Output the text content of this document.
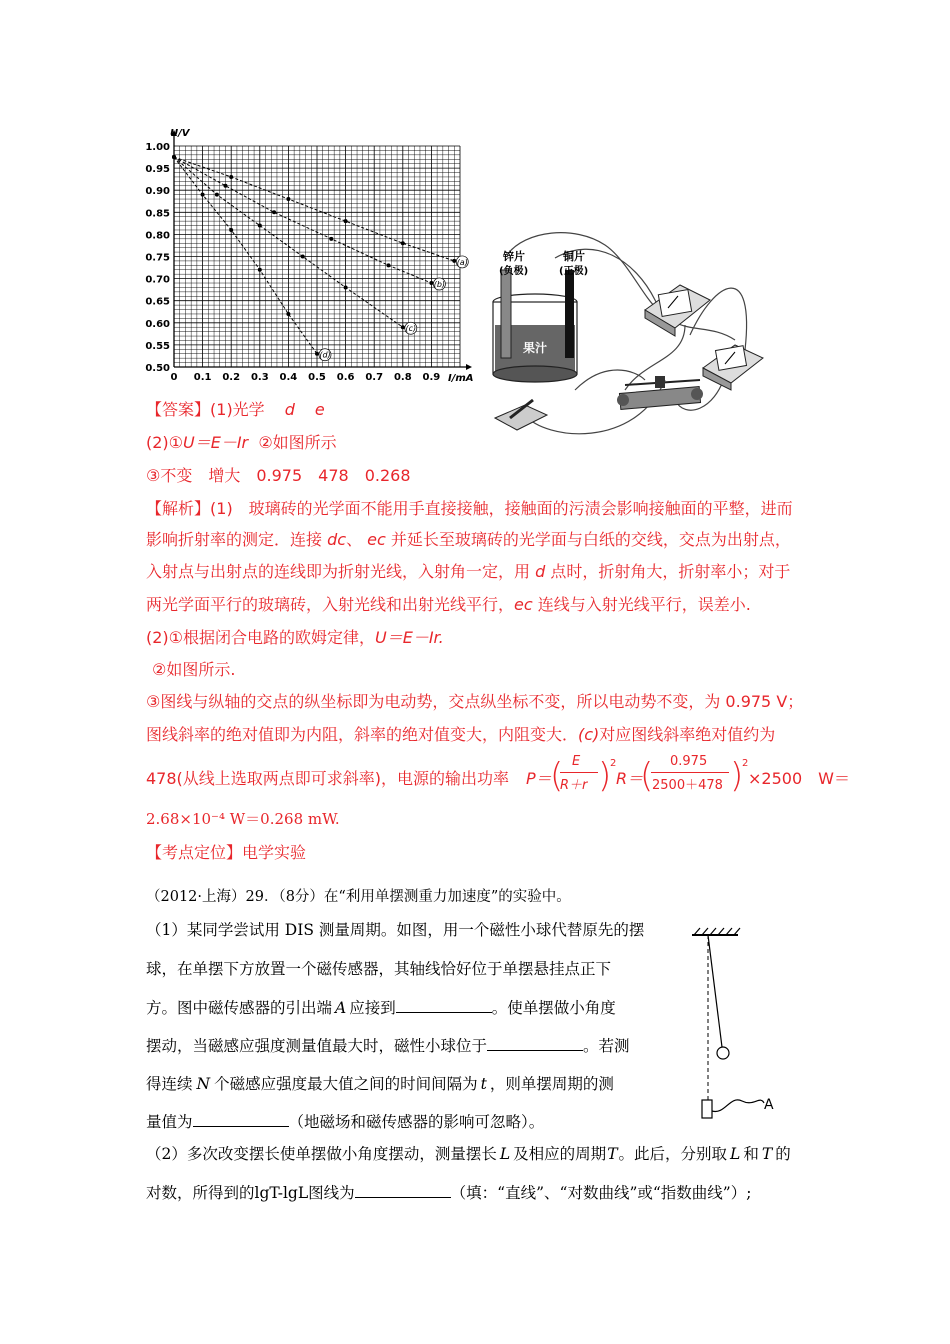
0.50
0.55
0.60
0.65
0.70
0.75
0.80
0.85
0.90
0.95
1.00
0 0.1 0.2 0.3 0.4 0.5 0.6 0.7 0.8 0.9
(a)
(b)
(c)
(d)
U/V
I/mA
果汁
锌片
(负极)
铜片
(正极)
【答案】(1)光学 d e
(2)①U＝E－Ir ②如图所示
③不变　增大　0.975　478　0.268
【解析】(1)　玻璃砖的光学面不能用手直接接触，接触面的污渍会影响接触面的平整，进而
影响折射率的测定．连接 dc、 ec 并延长至玻璃砖的光学面与白纸的交线，交点为出射点，
入射点与出射点的连线即为折射光线，入射角一定，用 d 点时，折射角大，折射率小；对于
两光学面平行的玻璃砖，入射光线和出射光线平行，ec 连线与入射光线平行，误差小.
(2)①根据闭合电路的欧姆定律，U＝E－Ir.
②如图所示.
③图线与纵轴的交点的纵坐标即为电动势，交点纵坐标不变，所以电动势不变，为 0.975 V；
图线斜率的绝对值即为内阻，斜率的绝对值变大，内阻变大．(c)对应图线斜率绝对值约为
478(从线上选取两点即可求斜率)，电源的输出功率 P＝
( E
R＋r )
2
R＝
( 0.975
2500＋478 )
2
×2500　W＝
2.68×10⁻⁴ W＝0.268 mW.
【考点定位】电学实验
（2012·上海）29．（8分）在“利用单摆测重力加速度”的实验中。
（1）某同学尝试用 DIS 测量周期。如图，用一个磁性小球代替原先的摆
球，在单摆下方放置一个磁传感器，其轴线恰好位于单摆悬挂点正下
方。图中磁传感器的引出端 A 应接到	。使单摆做小角度
摆动，当磁感应强度测量值最大时，磁性小球位于	。若测
得连续 N 个磁感应强度最大值之间的时间间隔为 t ，则单摆周期的测
量值为	（地磁场和磁传感器的影响可忽略）。
（2）多次改变摆长使单摆做小角度摆动，测量摆长 L 及相应的周期T。此后，分别取 L 和 T 的
对数，所得到的lgT-lgL图线为	（填：“直线”、“对数曲线”或“指数曲线”）;
A
